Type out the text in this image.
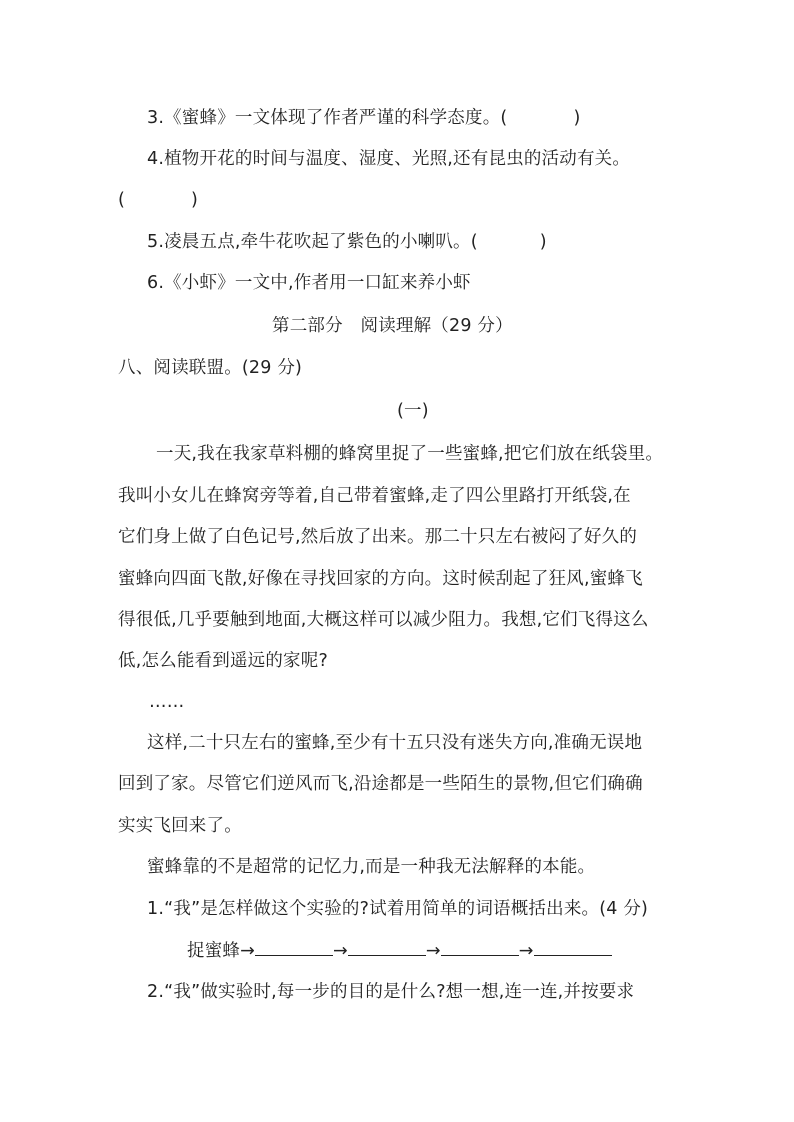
3.《蜜蜂》一文体现了作者严谨的科学态度。(	)
4.植物开花的时间与温度、湿度、光照,还有昆虫的活动有关。
(	)
5.凌晨五点,牵牛花吹起了紫色的小喇叭。(	)
6.《小虾》一文中,作者用一口缸来养小虾
第二部分　阅读理解（29 分）
八、阅读联盟。(29 分)
(一)
一天,我在我家草料棚的蜂窝里捉了一些蜜蜂,把它们放在纸袋里。
我叫小女儿在蜂窝旁等着,自己带着蜜蜂,走了四公里路打开纸袋,在
它们身上做了白色记号,然后放了出来。那二十只左右被闷了好久的
蜜蜂向四面飞散,好像在寻找回家的方向。这时候刮起了狂风,蜜蜂飞
得很低,几乎要触到地面,大概这样可以减少阻力。我想,它们飞得这么
低,怎么能看到遥远的家呢?
……
这样,二十只左右的蜜蜂,至少有十五只没有迷失方向,准确无误地
回到了家。尽管它们逆风而飞,沿途都是一些陌生的景物,但它们确确
实实飞回来了。
蜜蜂靠的不是超常的记忆力,而是一种我无法解释的本能。
1.“我”是怎样做这个实验的?试着用简单的词语概括出来。(4 分)
捉蜜蜂→	→	→	→
2.“我”做实验时,每一步的目的是什么?想一想,连一连,并按要求
